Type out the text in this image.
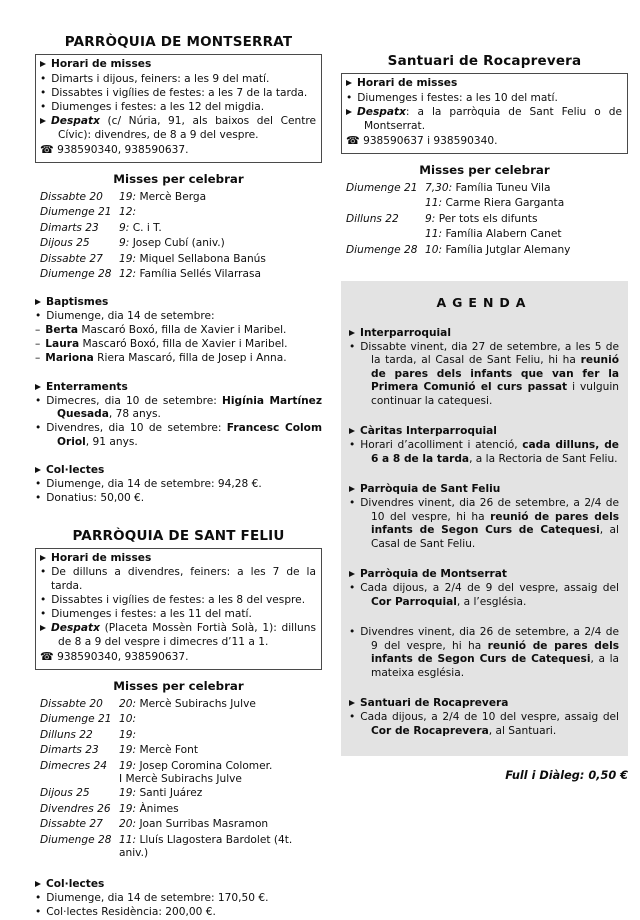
PARRÒQUIA DE MONTSERRAT
Horari de misses
• Dimarts i dijous, feiners: a les 9 del matí.
• Dissabtes i vigílies de festes: a les 7 de la tarda.
• Diumenges i festes: a les 12 del migdia.
Despatx (c/ Núria, 91, als baixos del Centre Cívic): divendres, de 8 a 9 del vespre.
☎ 938590340, 938590637.
Misses per celebrar
Dissabte 20	19: Mercè Berga
Diumenge 21 12:
Dimarts 23	9: C. i T.
Dijous 25	9: Josep Cubí (aniv.)
Dissabte 27	19: Miquel Sellabona Banús
Diumenge 28 12: Família Sellés Vilarrasa
Baptismes
• Diumenge, dia 14 de setembre:
– Berta Mascaró Boxó, filla de Xavier i Maribel.
– Laura Mascaró Boxó, filla de Xavier i Maribel.
– Mariona Riera Mascaró, filla de Josep i Anna.
Enterraments
• Dimecres, dia 10 de setembre: Higínia Martínez Quesada, 78 anys.
• Divendres, dia 10 de setembre: Francesc Colom Oriol, 91 anys.
Col·lectes
• Diumenge, dia 14 de setembre: 94,28 €.
• Donatius: 50,00 €.
PARRÒQUIA DE SANT FELIU
Horari de misses
• De dilluns a divendres, feiners: a les 7 de la tarda.
• Dissabtes i vigílies de festes: a les 8 del vespre.
• Diumenges i festes: a les 11 del matí.
Despatx (Placeta Mossèn Fortià Solà, 1): dilluns de 8 a 9 del vespre i dimecres d’11 a 1.
☎ 938590340, 938590637.
Misses per celebrar
Dissabte 20	20: Mercè Subirachs Julve
Diumenge 21 10:
Dilluns 22	19:
Dimarts 23	19: Mercè Font
Dimecres 24	19: Josep Coromina Colomer.
I Mercè Subirachs Julve
Dijous 25	19: Santi Juárez
Divendres 26 19: Ànimes
Dissabte 27	20: Joan Surribas Masramon
Diumenge 28 11: Lluís Llagostera Bardolet (4t. aniv.)
Col·lectes
• Diumenge, dia 14 de setembre: 170,50 €.
• Col·lectes Residència: 200,00 €.
Santuari de Rocaprevera
Horari de misses
• Diumenges i festes: a les 10 del matí.
Despatx: a la parròquia de Sant Feliu o de Montserrat.
☎ 938590637 i 938590340.
Misses per celebrar
Diumenge 21 7,30: Família Tuneu Vila
11: Carme Riera Garganta
Dilluns 22	9: Per tots els difunts
11: Família Alabern Canet
Diumenge 28 10: Família Jutglar Alemany
AGENDA
Interparroquial
• Dissabte vinent, dia 27 de setembre, a les 5 de la tarda, al Casal de Sant Feliu, hi ha reunió de pares dels infants que van fer la Primera Comunió el curs passat i vulguin continuar la catequesi.
Càritas Interparroquial
• Horari d’acolliment i atenció, cada dilluns, de 6 a 8 de la tarda, a la Rectoria de Sant Feliu.
Parròquia de Sant Feliu
• Divendres vinent, dia 26 de setembre, a 2/4 de 10 del vespre, hi ha reunió de pares dels infants de Segon Curs de Catequesi, al Casal de Sant Feliu.
Parròquia de Montserrat
• Cada dijous, a 2/4 de 9 del vespre, assaig del Cor Parroquial, a l’església.
• Divendres vinent, dia 26 de setembre, a 2/4 de 9 del vespre, hi ha reunió de pares dels infants de Segon Curs de Catequesi, a la mateixa església.
Santuari de Rocaprevera
• Cada dijous, a 2/4 de 10 del vespre, assaig del Cor de Rocaprevera, al Santuari.
Full i Diàleg: 0,50 €
